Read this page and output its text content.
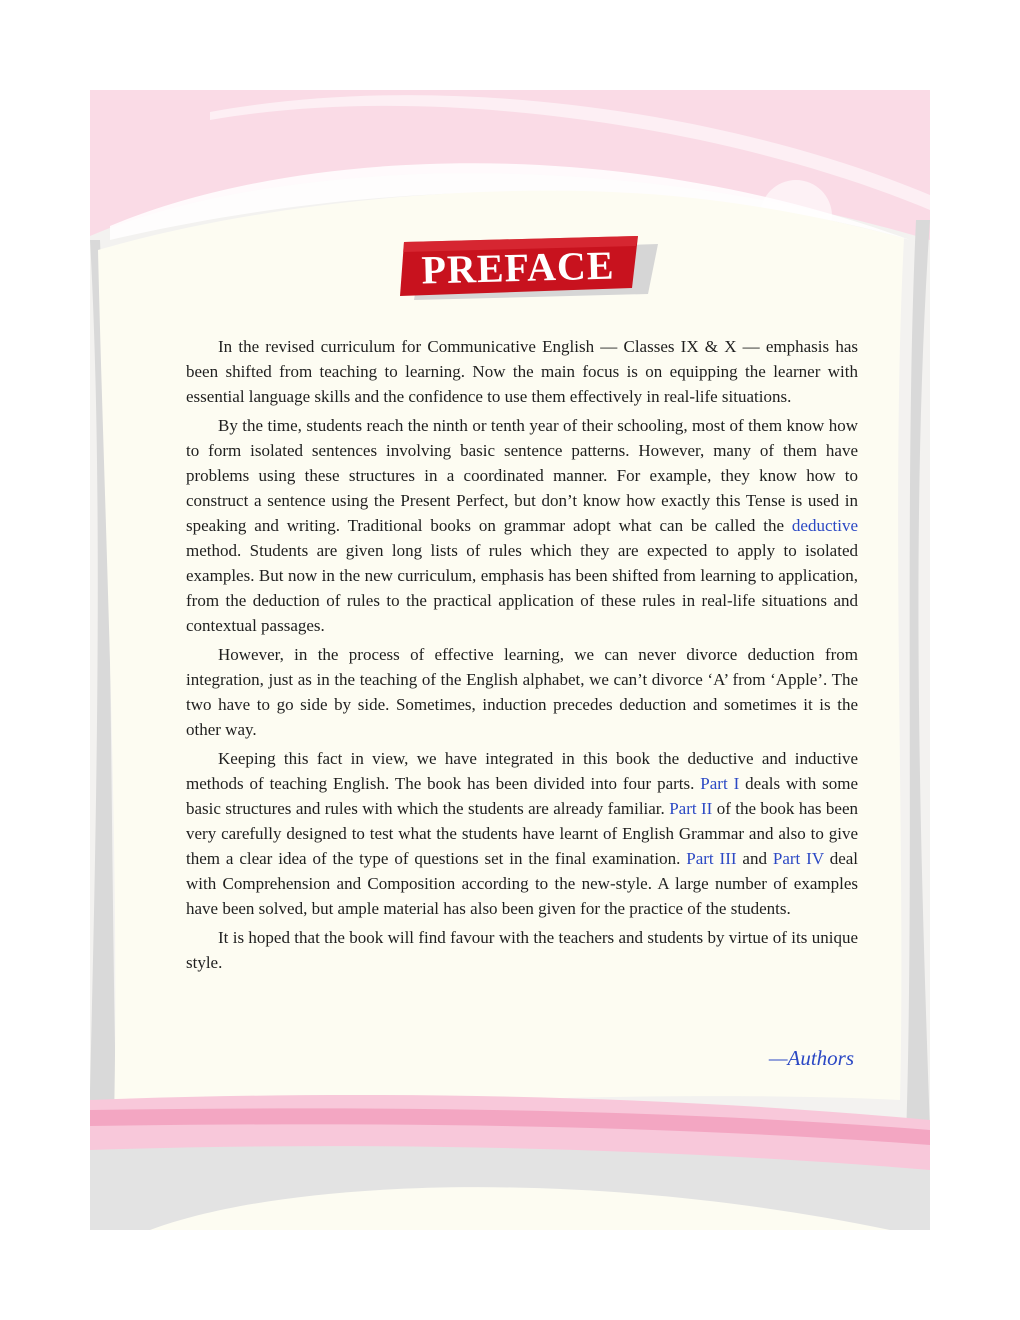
PREFACE

In the revised curriculum for Communicative English — Classes IX & X — emphasis has been shifted from teaching to learning. Now the main focus is on equipping the learner with essential language skills and the confidence to use them effectively in real-life situations.

By the time, students reach the ninth or tenth year of their schooling, most of them know how to form isolated sentences involving basic sentence patterns. However, many of them have problems using these structures in a coordinated manner. For example, they know how to construct a sentence using the Present Perfect, but don’t know how exactly this Tense is used in speaking and writing. Traditional books on grammar adopt what can be called the deductive method. Students are given long lists of rules which they are expected to apply to isolated examples. But now in the new curriculum, emphasis has been shifted from learning to application, from the deduction of rules to the practical application of these rules in real-life situations and contextual passages.

However, in the process of effective learning, we can never divorce deduction from integration, just as in the teaching of the English alphabet, we can’t divorce ‘A’ from ‘Apple’. The two have to go side by side. Sometimes, induction precedes deduction and sometimes it is the other way.

Keeping this fact in view, we have integrated in this book the deductive and inductive methods of teaching English. The book has been divided into four parts. Part I deals with some basic structures and rules with which the students are already familiar. Part II of the book has been very carefully designed to test what the students have learnt of English Grammar and also to give them a clear idea of the type of questions set in the final examination. Part III and Part IV deal with Comprehension and Composition according to the new-style. A large number of examples have been solved, but ample material has also been given for the practice of the students.

It is hoped that the book will find favour with the teachers and students by virtue of its unique style.

—Authors
